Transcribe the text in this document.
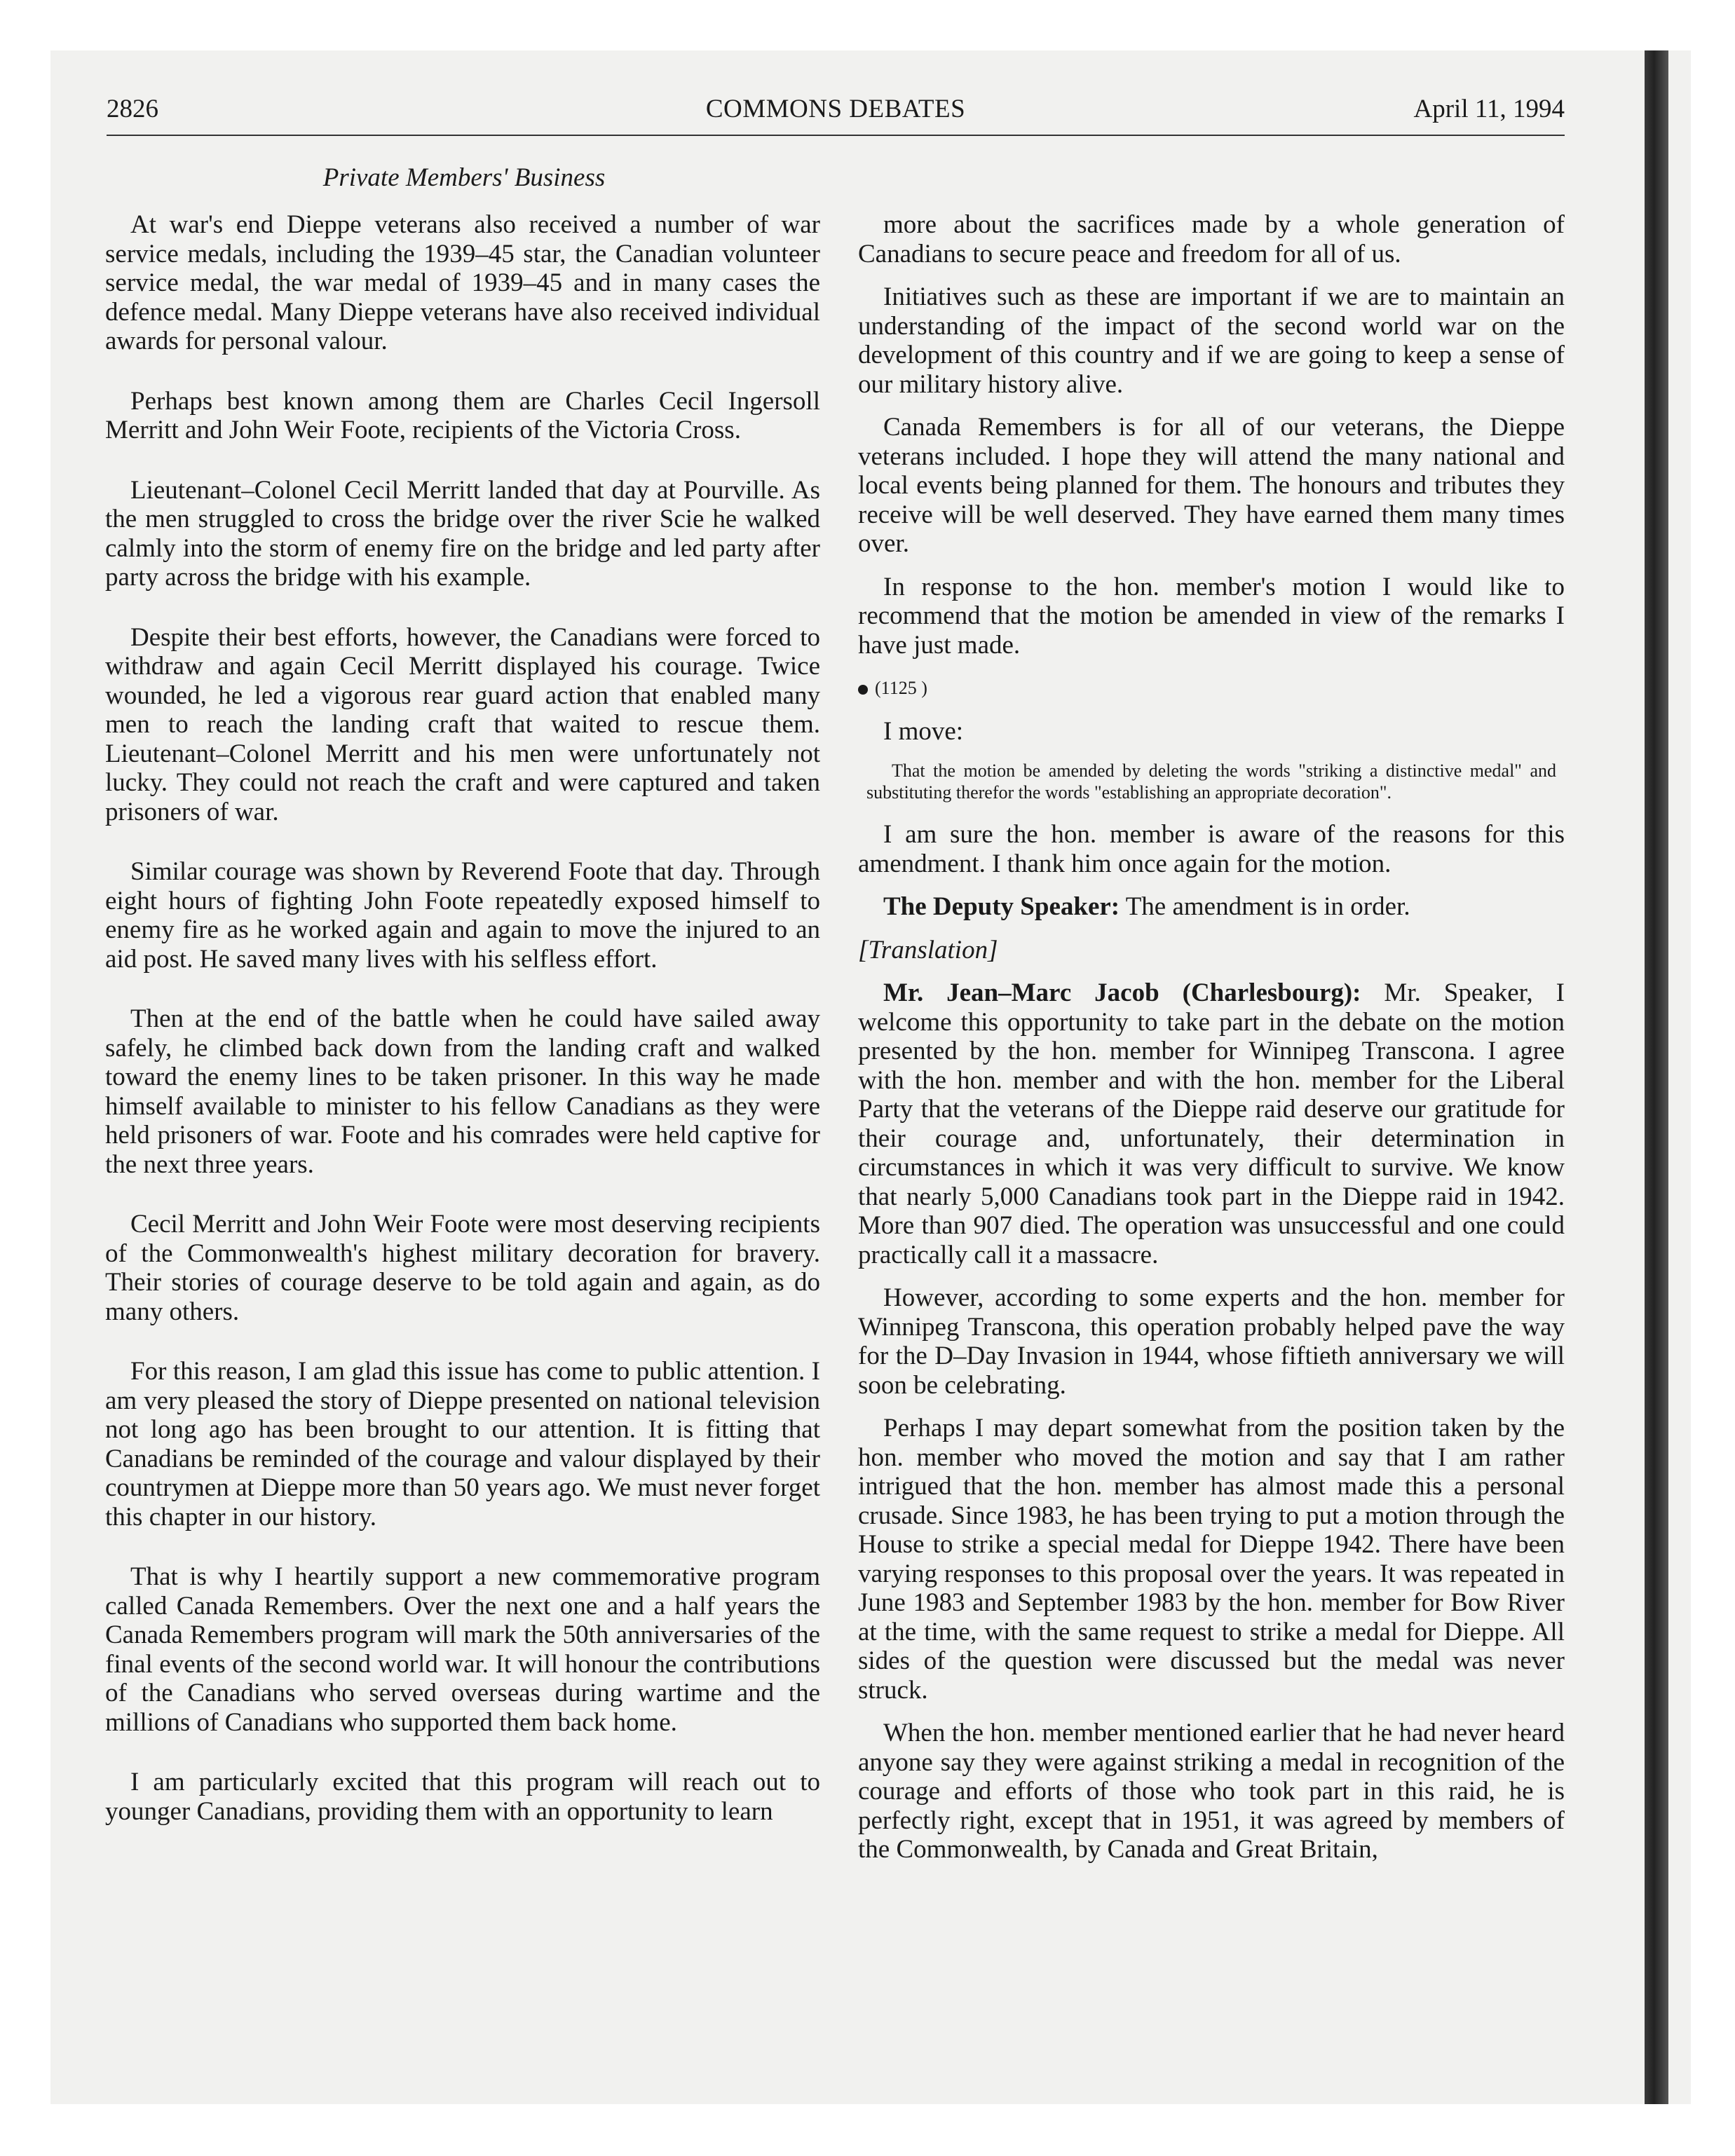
2826	COMMONS DEBATES	April 11, 1994
Private Members' Business

At war's end Dieppe veterans also received a number of war service medals, including the 1939–45 star, the Canadian volunteer service medal, the war medal of 1939–45 and in many cases the defence medal. Many Dieppe veterans have also received individual awards for personal valour.

Perhaps best known among them are Charles Cecil Ingersoll Merritt and John Weir Foote, recipients of the Victoria Cross.

Lieutenant–Colonel Cecil Merritt landed that day at Pourville. As the men struggled to cross the bridge over the river Scie he walked calmly into the storm of enemy fire on the bridge and led party after party across the bridge with his example.

Despite their best efforts, however, the Canadians were forced to withdraw and again Cecil Merritt displayed his courage. Twice wounded, he led a vigorous rear guard action that enabled many men to reach the landing craft that waited to rescue them. Lieutenant–Colonel Merritt and his men were unfortunately not lucky. They could not reach the craft and were captured and taken prisoners of war.

Similar courage was shown by Reverend Foote that day. Through eight hours of fighting John Foote repeatedly exposed himself to enemy fire as he worked again and again to move the injured to an aid post. He saved many lives with his selfless effort.

Then at the end of the battle when he could have sailed away safely, he climbed back down from the landing craft and walked toward the enemy lines to be taken prisoner. In this way he made himself available to minister to his fellow Canadians as they were held prisoners of war. Foote and his comrades were held captive for the next three years.

Cecil Merritt and John Weir Foote were most deserving recipients of the Commonwealth's highest military decoration for bravery. Their stories of courage deserve to be told again and again, as do many others.

For this reason, I am glad this issue has come to public attention. I am very pleased the story of Dieppe presented on national television not long ago has been brought to our attention. It is fitting that Canadians be reminded of the courage and valour displayed by their countrymen at Dieppe more than 50 years ago. We must never forget this chapter in our history.

That is why I heartily support a new commemorative program called Canada Remembers. Over the next one and a half years the Canada Remembers program will mark the 50th anniversaries of the final events of the second world war. It will honour the contributions of the Canadians who served overseas during wartime and the millions of Canadians who supported them back home.

I am particularly excited that this program will reach out to younger Canadians, providing them with an opportunity to learn

more about the sacrifices made by a whole generation of Canadians to secure peace and freedom for all of us.

Initiatives such as these are important if we are to maintain an understanding of the impact of the second world war on the development of this country and if we are going to keep a sense of our military history alive.

Canada Remembers is for all of our veterans, the Dieppe veterans included. I hope they will attend the many national and local events being planned for them. The honours and tributes they receive will be well deserved. They have earned them many times over.

In response to the hon. member's motion I would like to recommend that the motion be amended in view of the remarks I have just made.

(1125 )

I move:

That the motion be amended by deleting the words "striking a distinctive medal" and substituting therefor the words "establishing an appropriate decoration".

I am sure the hon. member is aware of the reasons for this amendment. I thank him once again for the motion.

The Deputy Speaker: The amendment is in order.

[Translation]

Mr. Jean–Marc Jacob (Charlesbourg): Mr. Speaker, I welcome this opportunity to take part in the debate on the motion presented by the hon. member for Winnipeg Transcona. I agree with the hon. member and with the hon. member for the Liberal Party that the veterans of the Dieppe raid deserve our gratitude for their courage and, unfortunately, their determination in circumstances in which it was very difficult to survive. We know that nearly 5,000 Canadians took part in the Dieppe raid in 1942. More than 907 died. The operation was unsuccessful and one could practically call it a massacre.

However, according to some experts and the hon. member for Winnipeg Transcona, this operation probably helped pave the way for the D–Day Invasion in 1944, whose fiftieth anniversary we will soon be celebrating.

Perhaps I may depart somewhat from the position taken by the hon. member who moved the motion and say that I am rather intrigued that the hon. member has almost made this a personal crusade. Since 1983, he has been trying to put a motion through the House to strike a special medal for Dieppe 1942. There have been varying responses to this proposal over the years. It was repeated in June 1983 and September 1983 by the hon. member for Bow River at the time, with the same request to strike a medal for Dieppe. All sides of the question were discussed but the medal was never struck.

When the hon. member mentioned earlier that he had never heard anyone say they were against striking a medal in recognition of the courage and efforts of those who took part in this raid, he is perfectly right, except that in 1951, it was agreed by members of the Commonwealth, by Canada and Great Britain,
